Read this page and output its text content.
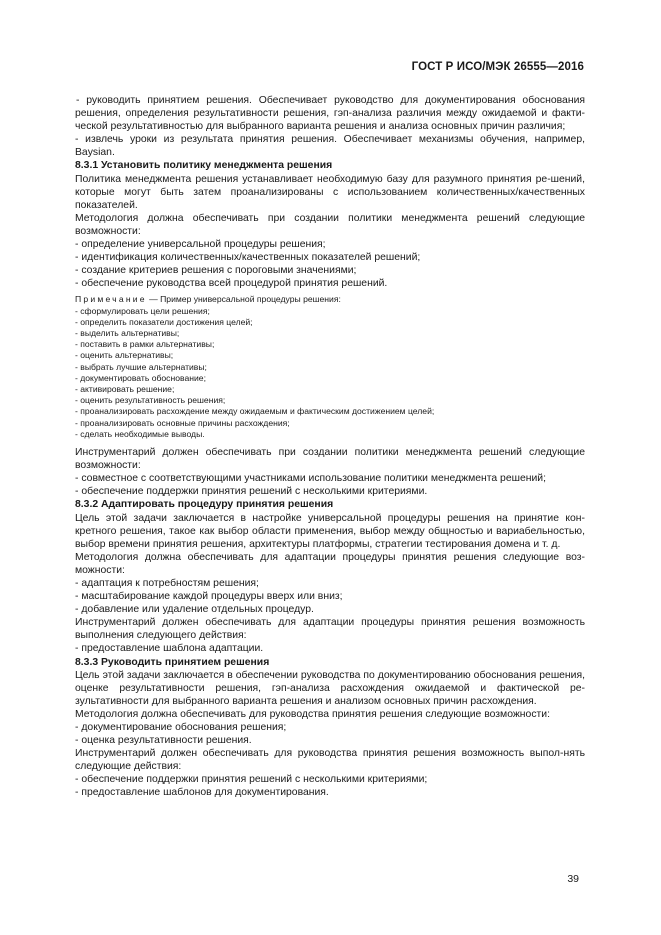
ГОСТ Р ИСО/МЭК 26555—2016
- руководить принятием решения. Обеспечивает руководство для документирования обоснования решения, определения результативности решения, гэп-анализа различия между ожидаемой и факти-ческой результативностью для выбранного варианта решения и анализа основных причин различия;
- извлечь уроки из результата принятия решения. Обеспечивает механизмы обучения, например, Baysian.
8.3.1 Установить политику менеджмента решения
Политика менеджмента решения устанавливает необходимую базу для разумного принятия ре-шений, которые могут быть затем проанализированы с использованием количественных/качественных показателей.
Методология должна обеспечивать при создании политики менеджмента решений следующие возможности:
- определение универсальной процедуры решения;
- идентификация количественных/качественных показателей решений;
- создание критериев решения с пороговыми значениями;
- обеспечение руководства всей процедурой принятия решений.
Примечание — Пример универсальной процедуры решения:
- сформулировать цели решения;
- определить показатели достижения целей;
- выделить альтернативы;
- поставить в рамки альтернативы;
- оценить альтернативы;
- выбрать лучшие альтернативы;
- документировать обоснование;
- активировать решение;
- оценить результативность решения;
- проанализировать расхождение между ожидаемым и фактическим достижением целей;
- проанализировать основные причины расхождения;
- сделать необходимые выводы.
Инструментарий должен обеспечивать при создании политики менеджмента решений следующие возможности:
- совместное с соответствующими участниками использование политики менеджмента решений;
- обеспечение поддержки принятия решений с несколькими критериями.
8.3.2 Адаптировать процедуру принятия решения
Цель этой задачи заключается в настройке универсальной процедуры решения на принятие кон-кретного решения, такое как выбор области применения, выбор между общностью и вариабельностью, выбор времени принятия решения, архитектуры платформы, стратегии тестирования домена и т. д.
Методология должна обеспечивать для адаптации процедуры принятия решения следующие воз-можности:
- адаптация к потребностям решения;
- масштабирование каждой процедуры вверх или вниз;
- добавление или удаление отдельных процедур.
Инструментарий должен обеспечивать для адаптации процедуры принятия решения возможность выполнения следующего действия:
- предоставление шаблона адаптации.
8.3.3 Руководить принятием решения
Цель этой задачи заключается в обеспечении руководства по документированию обоснования решения, оценке результативности решения, гэп-анализа расхождения ожидаемой и фактической ре-зультативности для выбранного варианта решения и анализом основных причин расхождения.
Методология должна обеспечивать для руководства принятия решения следующие возможности:
- документирование обоснования решения;
- оценка результативности решения.
Инструментарий должен обеспечивать для руководства принятия решения возможность выпол-нять следующие действия:
- обеспечение поддержки принятия решений с несколькими критериями;
- предоставление шаблонов для документирования.
39
